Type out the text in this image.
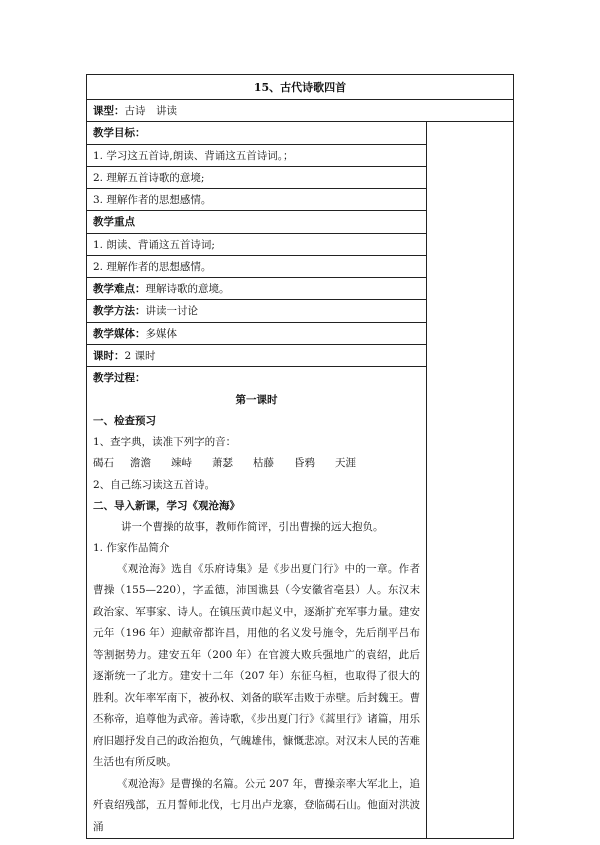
15、古代诗歌四首

课型：古诗　讲读

教学目标：
1. 学习这五首诗,朗读、背诵这五首诗词。；
2. 理解五首诗歌的意境;
3. 理解作者的思想感情。
教学重点
1. 朗读、背诵这五首诗词;
2. 理解作者的思想感情。
教学难点：理解诗歌的意境。
教学方法：讲读一讨论
教学媒体：多媒体
课时：2 课时
教学过程：
第一课时
一、检查预习
1、查字典，读准下列字的音：
碣石 澹澹 竦峙 萧瑟 枯藤 昏鸦 天涯
2、自己练习读这五首诗。
二、导入新课，学习《观沧海》
讲一个曹操的故事，教师作简评，引出曹操的远大抱负。
1. 作家作品简介
《观沧海》选自《乐府诗集》是《步出夏门行》中的一章。作者曹操（155—220），字孟德，沛国谯县（今安徽省亳县）人。东汉末政治家、军事家、诗人。在镇压黄巾起义中，逐渐扩充军事力量。建安元年（196 年）迎献帝都许昌，用他的名义发号施令，先后削平吕布等割据势力。建安五年（200 年）在官渡大败兵强地广的袁绍，此后逐渐统一了北方。建安十二年（207 年）东征乌桓，也取得了很大的胜利。次年率军南下，被孙权、刘备的联军击败于赤壁。后封魏王。曹丕称帝，追尊他为武帝。善诗歌，《步出夏门行》《蒿里行》诸篇，用乐府旧题抒发自己的政治抱负，气魄雄伟，慷慨悲凉。对汉末人民的苦难生活也有所反映。
《观沧海》是曹操的名篇。公元 207 年，曹操亲率大军北上，追歼袁绍残部，五月誓师北伐，七月出卢龙寨，登临碣石山。他面对洪波涌
